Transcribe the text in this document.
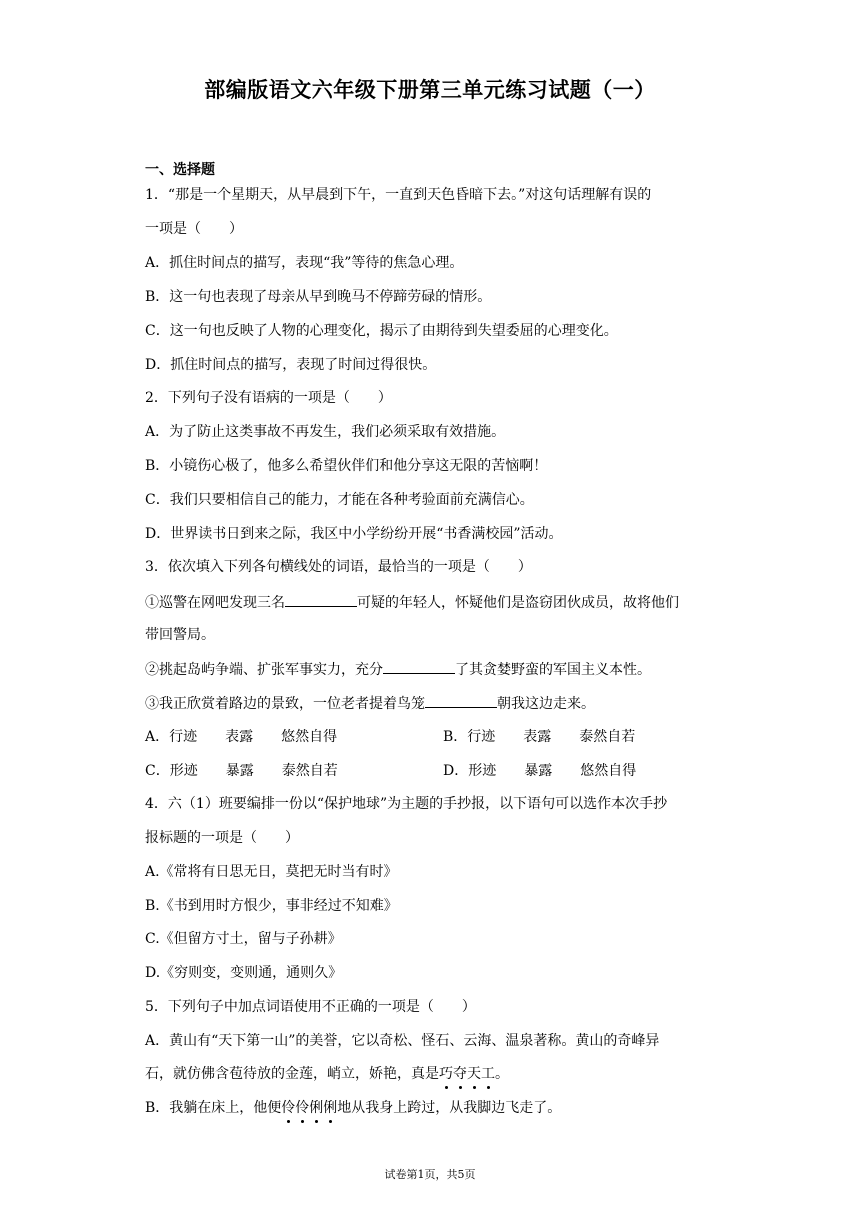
部编版语文六年级下册第三单元练习试题（一）
一、选择题
1．“那是一个星期天，从早晨到下午，一直到天色昏暗下去。”对这句话理解有误的
一项是（　　）
A．抓住时间点的描写，表现“我”等待的焦急心理。
B．这一句也表现了母亲从早到晚马不停蹄劳碌的情形。
C．这一句也反映了人物的心理变化，揭示了由期待到失望委屈的心理变化。
D．抓住时间点的描写，表现了时间过得很快。
2．下列句子没有语病的一项是（　　）
A．为了防止这类事故不再发生，我们必须采取有效措施。
B．小镜伤心极了，他多么希望伙伴们和他分享这无限的苦恼啊！
C．我们只要相信自己的能力，才能在各种考验面前充满信心。
D．世界读书日到来之际，我区中小学纷纷开展“书香满校园”活动。
3．依次填入下列各句横线处的词语，最恰当的一项是（　　）
①巡警在网吧发现三名	可疑的年轻人，怀疑他们是盗窃团伙成员，故将他们
带回警局。
②挑起岛屿争端、扩张军事实力，充分	了其贪婪野蛮的军国主义本性。
③我正欣赏着路边的景致，一位老者提着鸟笼	朝我这边走来。
A．行迹　　表露　　悠然自得	B．行迹　　表露　　泰然自若
C．形迹　　暴露　　泰然自若	D．形迹　　暴露　　悠然自得
4．六（1）班要编排一份以“保护地球”为主题的手抄报，以下语句可以选作本次手抄
报标题的一项是（　　）
A.《常将有日思无日，莫把无时当有时》
B.《书到用时方恨少，事非经过不知难》
C.《但留方寸土，留与子孙耕》
D.《穷则变，变则通，通则久》
5．下列句子中加点词语使用不正确的一项是（　　）
A．黄山有“天下第一山”的美誉，它以奇松、怪石、云海、温泉著称。黄山的奇峰异
石，就仿佛含苞待放的金莲，峭立，娇艳，真是巧夺天工。
B．我躺在床上，他便伶伶俐俐地从我身上跨过，从我脚边飞走了。
试卷第1页，共5页
